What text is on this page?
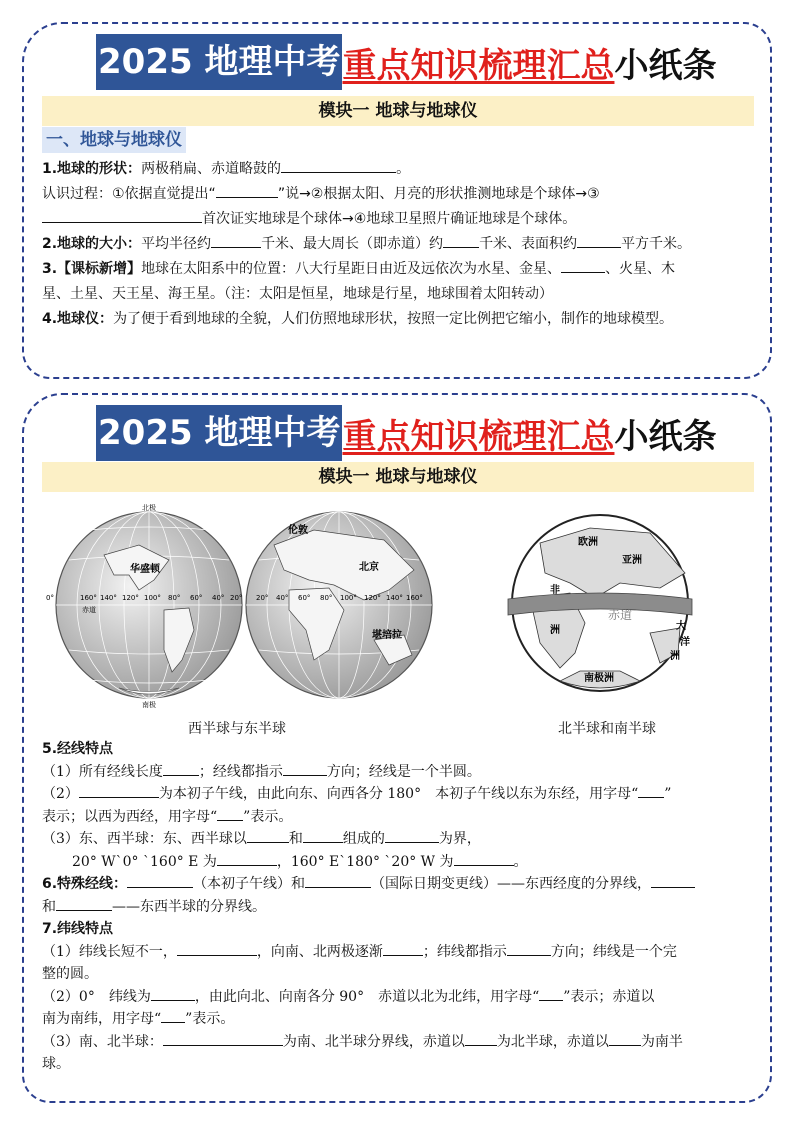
2025 地理中考 重点知识梳理汇总 小纸条
模块一 地球与地球仪
一、地球与地球仪

1.地球的形状：两极稍扁、赤道略鼓的	。

认识过程：①依据直觉提出“	”说→②根据太阳、月亮的形状推测地球是个球体→③

首次证实地球是个球体→④地球卫星照片确证地球是个球体。

2.地球的大小：平均半径约	千米、最大周长（即赤道）约	千米、表面积约	平方千米。

3.【课标新增】地球在太阳系中的位置：八大行星距日由近及远依次为水星、金星、	、火星、木

星、土星、天王星、海王星。（注：太阳是恒星，地球是行星，地球围着太阳转动）

4.地球仪：为了便于看到地球的全貌，人们仿照地球形状，按照一定比例把它缩小，制作的地球模型。

2025 地理中考 重点知识梳理汇总 小纸条
模块一 地球与地球仪
北极
华盛顿
赤道
南极
0°	160° 140° 120° 100° 80° 60° 40° 20°
伦敦
北京
堪培拉
20° 40° 60° 80° 100° 120° 140° 160°
西半球与东半球
欧洲
亚洲
非
洲
赤道
大
洋
洲
南极洲
北半球和南半球

5.经线特点

（1）所有经线长度	；经线都指示	方向；经线是一个半圆。

（2）	为本初子午线，由此向东、向西各分 180°　本初子午线以东为东经，用字母“ ”

表示；以西为西经，用字母“ ”表示。

（3）东、西半球：东、西半球以	和	组成的	为界，

20° W`0° `160° E 为	，160° E`180° `20° W 为	。

6.特殊经线：	（本初子午线）和	（国际日期变更线）——东西经度的分界线，

和	——东西半球的分界线。

7.纬线特点

（1）纬线长短不一，	，向南、北两极逐渐	；纬线都指示	方向；纬线是一个完

整的圆。

（2）0°　纬线为	，由此向北、向南各分 90°　赤道以北为北纬，用字母“ ”表示；赤道以

南为南纬，用字母“ ”表示。

（3）南、北半球：	为南、北半球分界线，赤道以 为北半球，赤道以 为南半

球。
